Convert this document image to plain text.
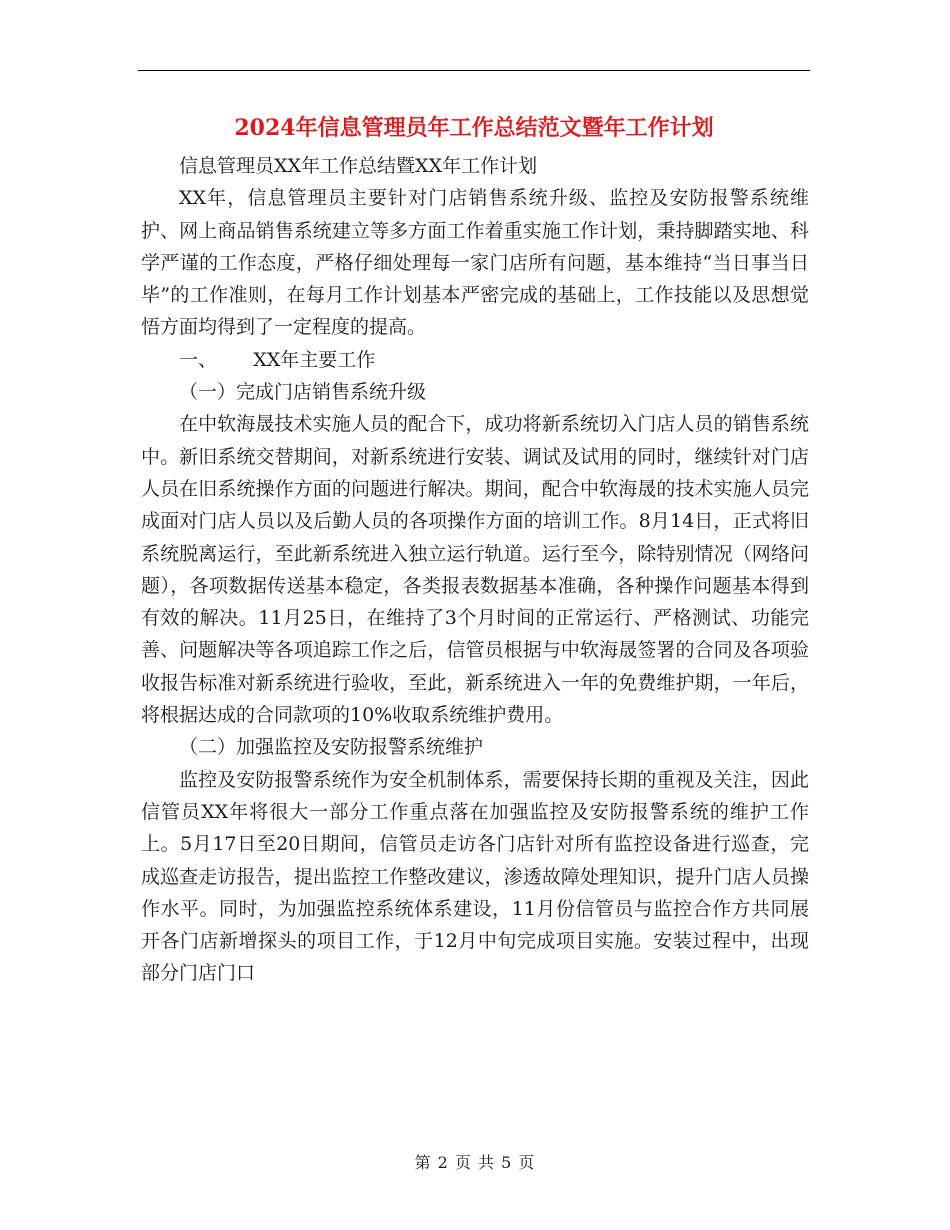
2024年信息管理员年工作总结范文暨年工作计划

信息管理员XX年工作总结暨XX年工作计划

XX年，信息管理员主要针对门店销售系统升级、监控及安防报警系统维护、网上商品销售系统建立等多方面工作着重实施工作计划，秉持脚踏实地、科学严谨的工作态度，严格仔细处理每一家门店所有问题，基本维持“当日事当日毕”的工作准则，在每月工作计划基本严密完成的基础上，工作技能以及思想觉悟方面均得到了一定程度的提高。

一、      XX年主要工作

（一）完成门店销售系统升级

在中软海晟技术实施人员的配合下，成功将新系统切入门店人员的销售系统中。新旧系统交替期间，对新系统进行安装、调试及试用的同时，继续针对门店人员在旧系统操作方面的问题进行解决。期间，配合中软海晟的技术实施人员完成面对门店人员以及后勤人员的各项操作方面的培训工作。8月14日，正式将旧系统脱离运行，至此新系统进入独立运行轨道。运行至今，除特别情况（网络问题），各项数据传送基本稳定，各类报表数据基本准确，各种操作问题基本得到有效的解决。11月25日，在维持了3个月时间的正常运行、严格测试、功能完善、问题解决等各项追踪工作之后，信管员根据与中软海晟签署的合同及各项验收报告标准对新系统进行验收，至此，新系统进入一年的免费维护期，一年后，将根据达成的合同款项的10%收取系统维护费用。

（二）加强监控及安防报警系统维护

监控及安防报警系统作为安全机制体系，需要保持长期的重视及关注，因此信管员XX年将很大一部分工作重点落在加强监控及安防报警系统的维护工作上。5月17日至20日期间，信管员走访各门店针对所有监控设备进行巡查，完成巡查走访报告，提出监控工作整改建议，渗透故障处理知识，提升门店人员操作水平。同时，为加强监控系统体系建设，11月份信管员与监控合作方共同展开各门店新增探头的项目工作，于12月中旬完成项目实施。安装过程中，出现部分门店门口

第 2 页 共 5 页
